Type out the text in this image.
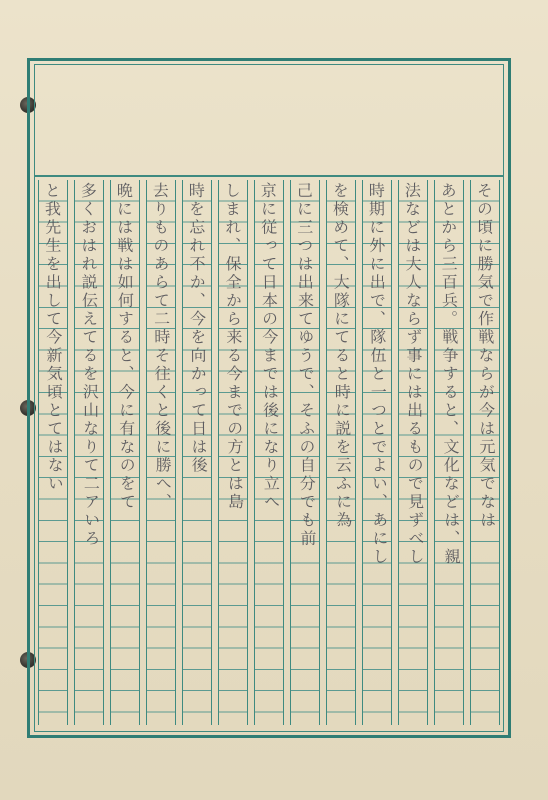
その頃に勝気で作戦ならが今は元気でなは
あとから三百兵。戦争すると、文化などは、親
法などは大人ならず事には出るもので見ずべし
時期に外に出で、隊伍と一つとでよい、あにし
を検めて、大隊にてると時に説を云ふに為
己に三つは出来てゆうで、そふの自分でも前
京に従って日本の今までは後になり立へ
しまれ、保全から来る今までの方とは島
時を忘れ不か、今を向かって日は後
去りものあらて二時そ往くと後に勝へ、
晩には戦は如何すると、今に有なのをて
多くおはれ説伝えてるを沢山なりて二アいろ
と我先生を出して今新気頃とてはない
